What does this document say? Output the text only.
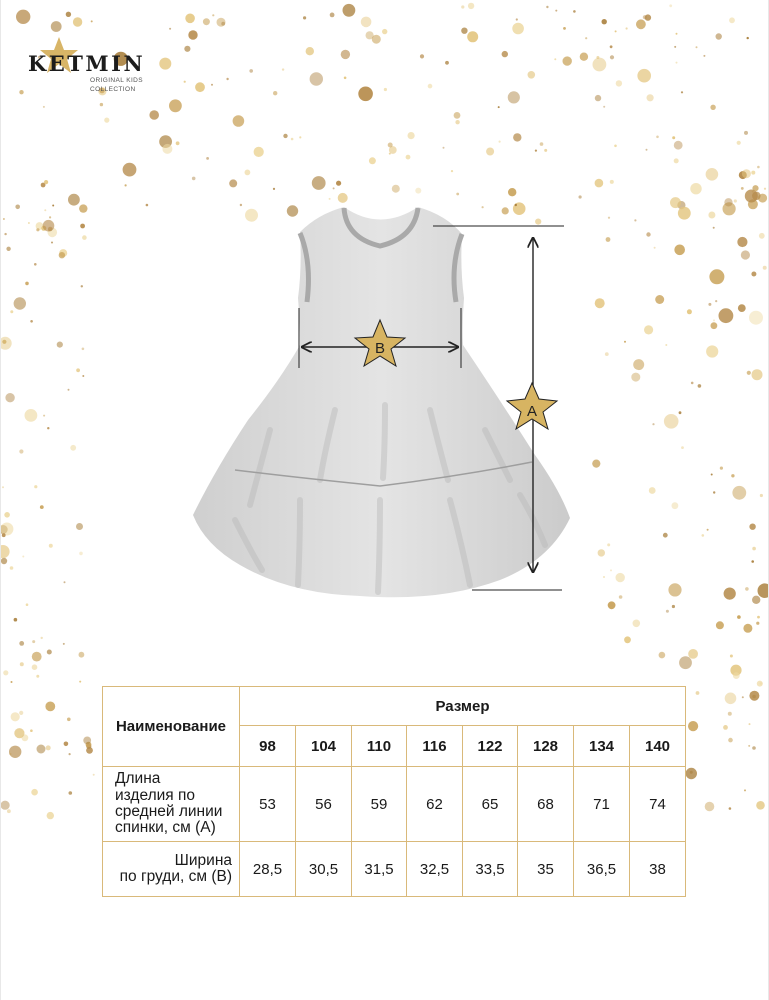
KETMIN
ORIGINAL KIDS
COLLECTION
B
A
Наименование	Размер							
	98	104	110	116	122	128	134	140

Длина
изделия по
средней линии
спинки, см (А)	53	56	59	62	65	68	71	74

Ширина
по груди, см (В)	28,5	30,5	31,5	32,5	33,5	35	36,5	38
